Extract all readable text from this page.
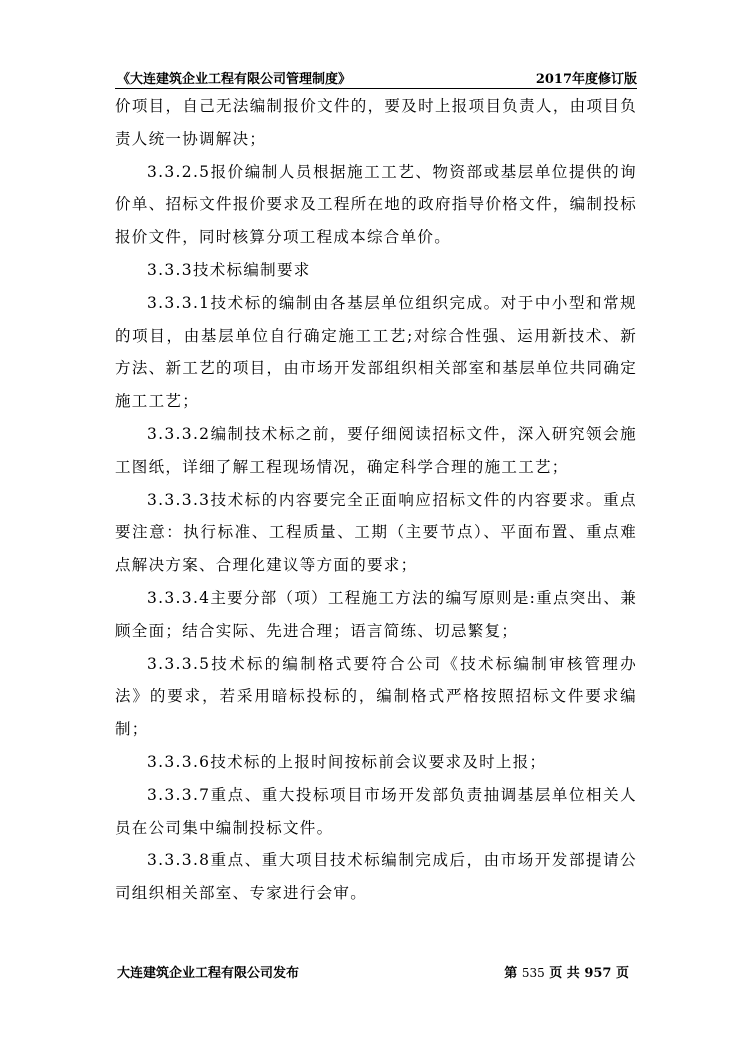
《大连建筑企业工程有限公司管理制度》	2017年度修订版

价项目，自己无法编制报价文件的，要及时上报项目负责人，由项目负责人统一协调解决；

3.3.2.5报价编制人员根据施工工艺、物资部或基层单位提供的询价单、招标文件报价要求及工程所在地的政府指导价格文件，编制投标报价文件，同时核算分项工程成本综合单价。

3.3.3技术标编制要求

3.3.3.1技术标的编制由各基层单位组织完成。对于中小型和常规的项目，由基层单位自行确定施工工艺;对综合性强、运用新技术、新方法、新工艺的项目，由市场开发部组织相关部室和基层单位共同确定施工工艺；

3.3.3.2编制技术标之前，要仔细阅读招标文件，深入研究领会施工图纸，详细了解工程现场情况，确定科学合理的施工工艺；

3.3.3.3技术标的内容要完全正面响应招标文件的内容要求。重点要注意：执行标准、工程质量、工期（主要节点）、平面布置、重点难点解决方案、合理化建议等方面的要求；

3.3.3.4主要分部（项）工程施工方法的编写原则是:重点突出、兼顾全面；结合实际、先进合理；语言简练、切忌繁复；

3.3.3.5技术标的编制格式要符合公司《技术标编制审核管理办法》的要求，若采用暗标投标的，编制格式严格按照招标文件要求编制；

3.3.3.6技术标的上报时间按标前会议要求及时上报；

3.3.3.7重点、重大投标项目市场开发部负责抽调基层单位相关人员在公司集中编制投标文件。

3.3.3.8重点、重大项目技术标编制完成后，由市场开发部提请公司组织相关部室、专家进行会审。

大连建筑企业工程有限公司发布	第 535 页 共 957 页
